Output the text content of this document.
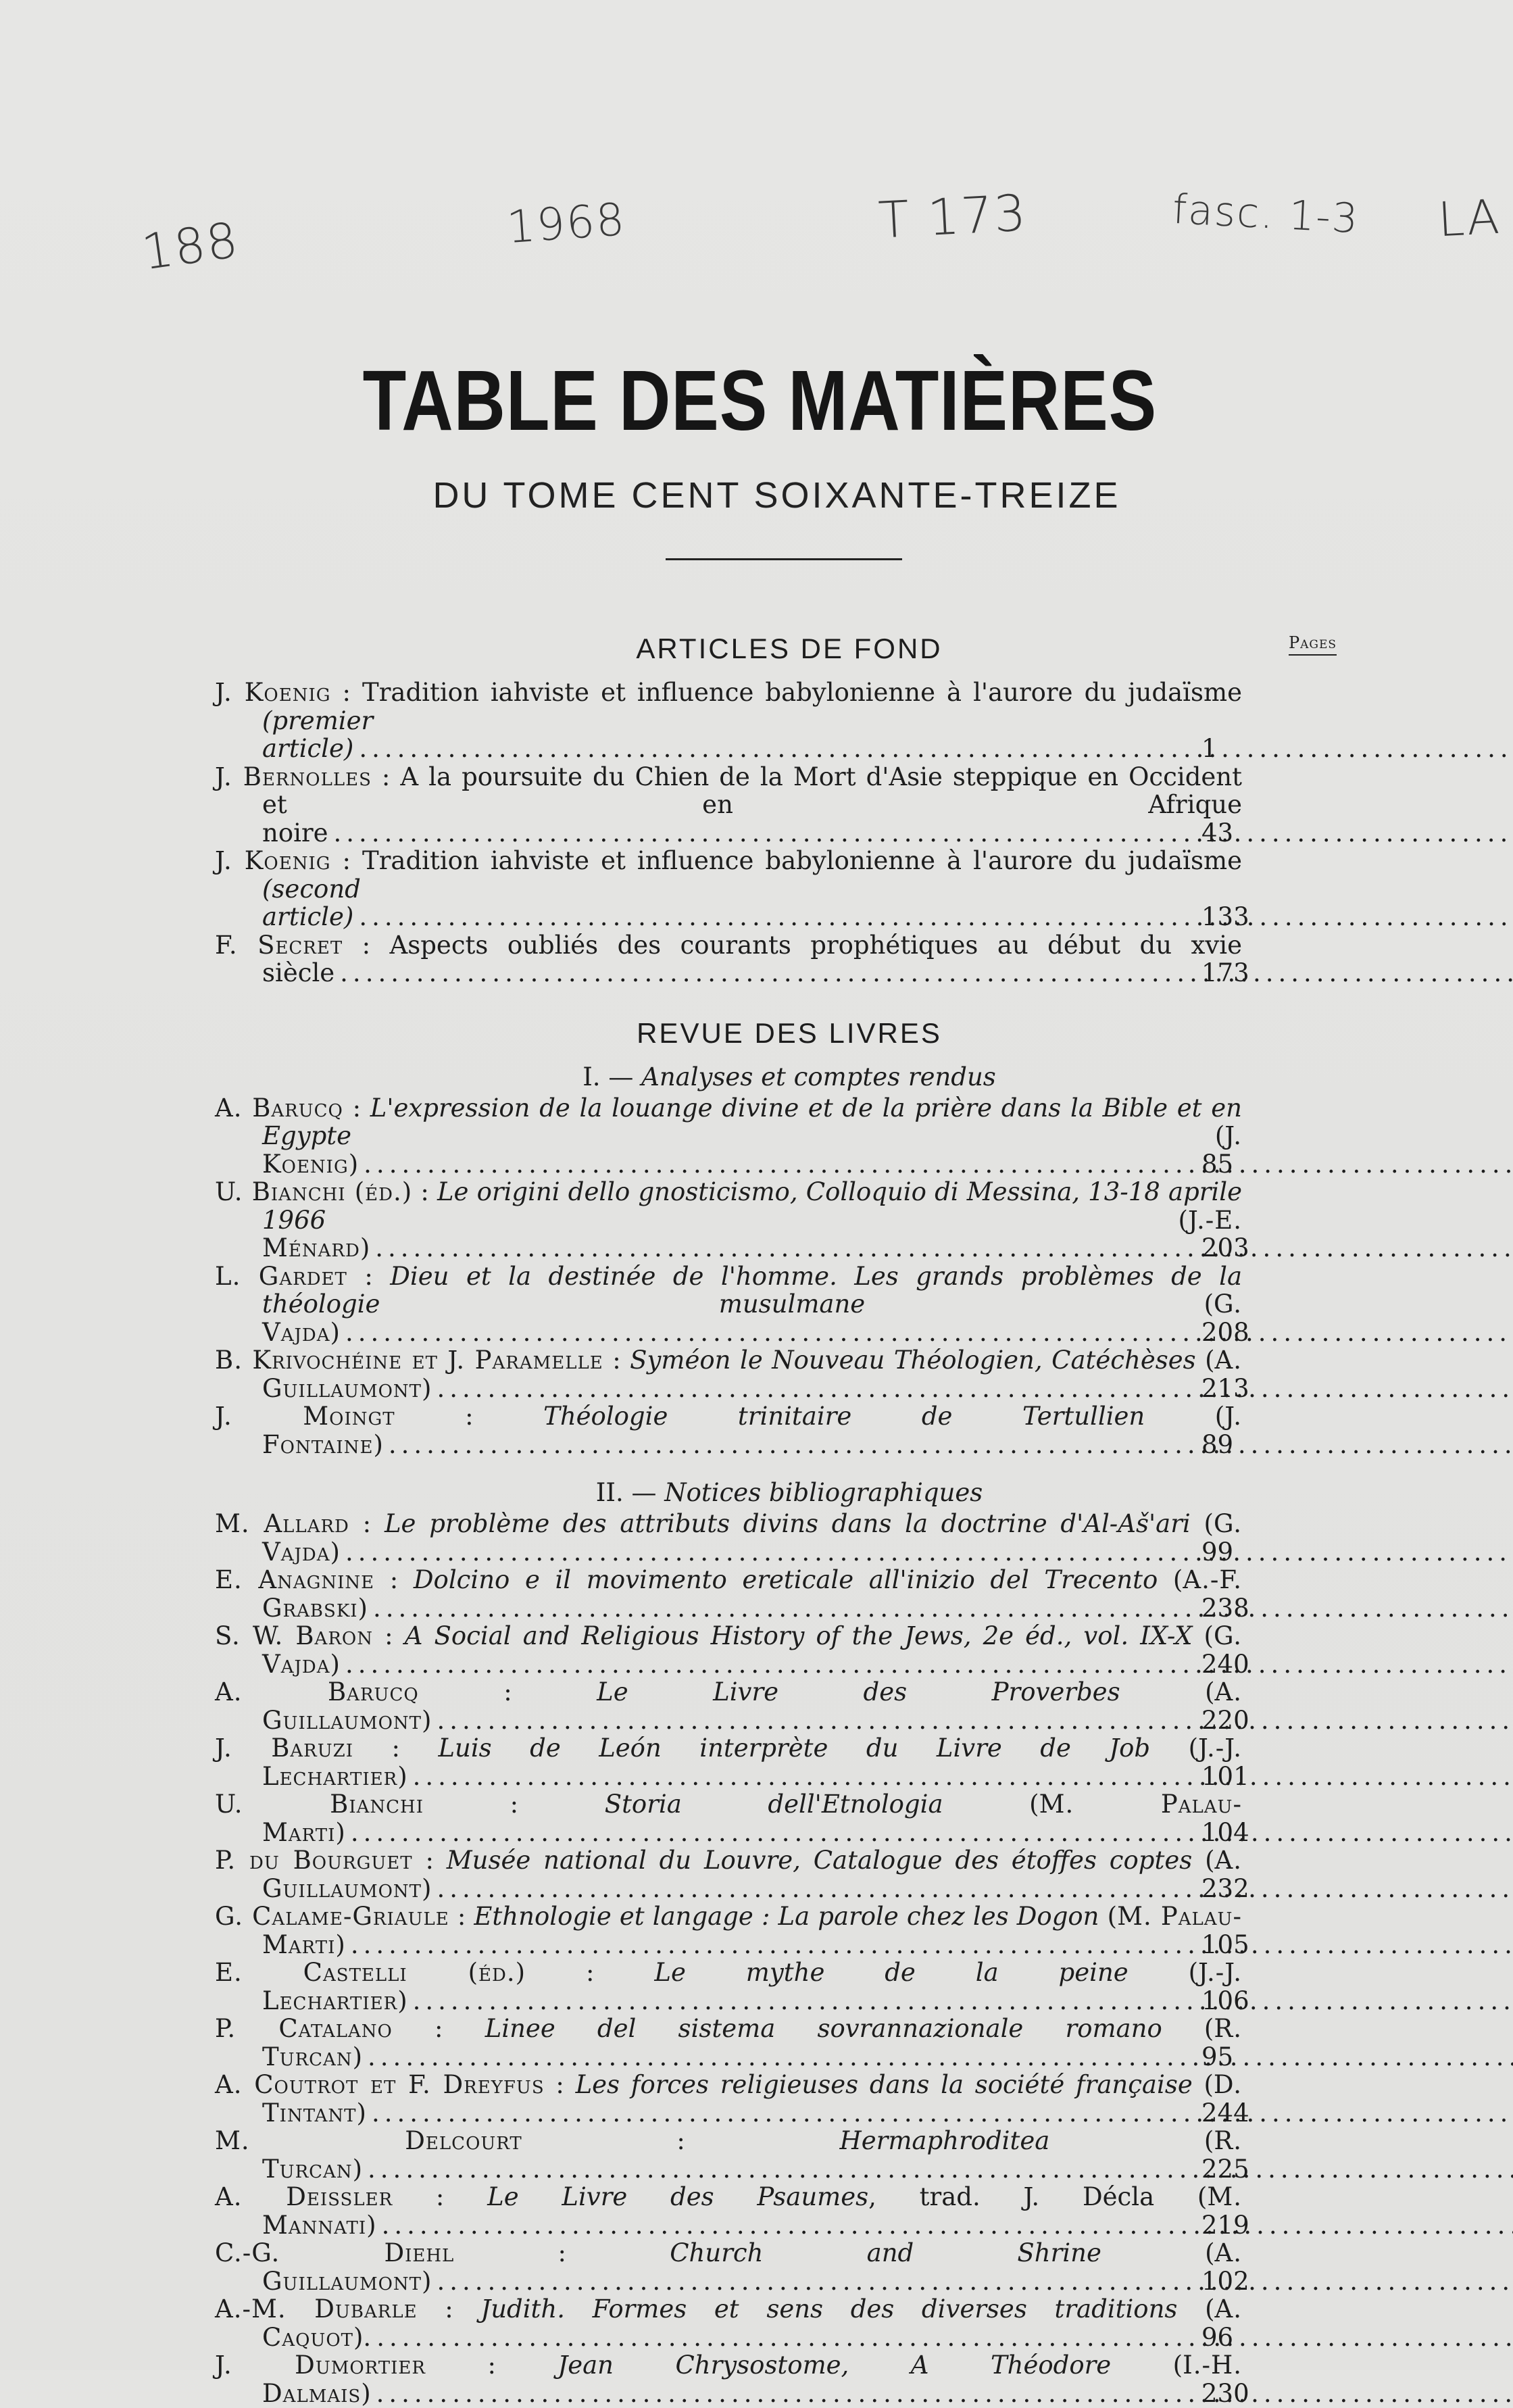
188	1968	T 173	fasc. 1-3 LA
TABLE DES MATIÈRES
DU TOME CENT SOIXANTE-TREIZE
ARTICLES DE FOND	Pages
J. Koenig : Tradition iahviste et influence babylonienne à l'aurore du judaïsme (premier article) .....	1
J. Bernolles : A la poursuite du Chien de la Mort d'Asie steppique en Occident et en Afrique noire .....	43
J. Koenig : Tradition iahviste et influence babylonienne à l'aurore du judaïsme (second article) .....	133
F. Secret : Aspects oubliés des courants prophétiques au début du xvie siècle .....	173
REVUE DES LIVRES
I. — Analyses et comptes rendus
A. Barucq : L'expression de la louange divine et de la prière dans la Bible et en Egypte (J. Koenig) .....	85
U. Bianchi (éd.) : Le origini dello gnosticismo, Colloquio di Messina, 13-18 aprile 1966 (J.-E. Ménard) .....	203
L. Gardet : Dieu et la destinée de l'homme. Les grands problèmes de la théologie musulmane (G. Vajda) .....	208
B. Krivochéine et J. Paramelle : Syméon le Nouveau Théologien, Catéchèses (A. Guillaumont) .....	213
J. Moingt : Théologie trinitaire de Tertullien (J. Fontaine) .....	89
II. — Notices bibliographiques
M. Allard : Le problème des attributs divins dans la doctrine d'Al-Aš'ari (G. Vajda) .....	99
E. Anagnine : Dolcino e il movimento ereticale all'inizio del Trecento (A.-F. Grabski) .....	238
S. W. Baron : A Social and Religious History of the Jews, 2e éd., vol. IX-X (G. Vajda) .....	240
A. Barucq : Le Livre des Proverbes (A. Guillaumont) .....	220
J. Baruzi : Luis de León interprète du Livre de Job (J.-J. Lechartier) .....	101
U. Bianchi : Storia dell'Etnologia (M. Palau-Marti) .....	104
P. du Bourguet : Musée national du Louvre, Catalogue des étoffes coptes (A. Guillaumont) .....	232
G. Calame-Griaule : Ethnologie et langage : La parole chez les Dogon (M. Palau-Marti) .....	105
E. Castelli (éd.) : Le mythe de la peine (J.-J. Lechartier) .....	106
P. Catalano : Linee del sistema sovrannazionale romano (R. Turcan) .....	95
A. Coutrot et F. Dreyfus : Les forces religieuses dans la société française (D. Tintant) .....	244
M. Delcourt : Hermaphroditea (R. Turcan) .....	225
A. Deissler : Le Livre des Psaumes, trad. J. Décla (M. Mannati) .....	219
C.-G. Diehl : Church and Shrine (A. Guillaumont) .....	102
A.-M. Dubarle : Judith. Formes et sens des diverses traditions (A. Caquot). .....	96
J. Dumortier : Jean Chrysostome, A Théodore (I.-H. Dalmais) .....	230
